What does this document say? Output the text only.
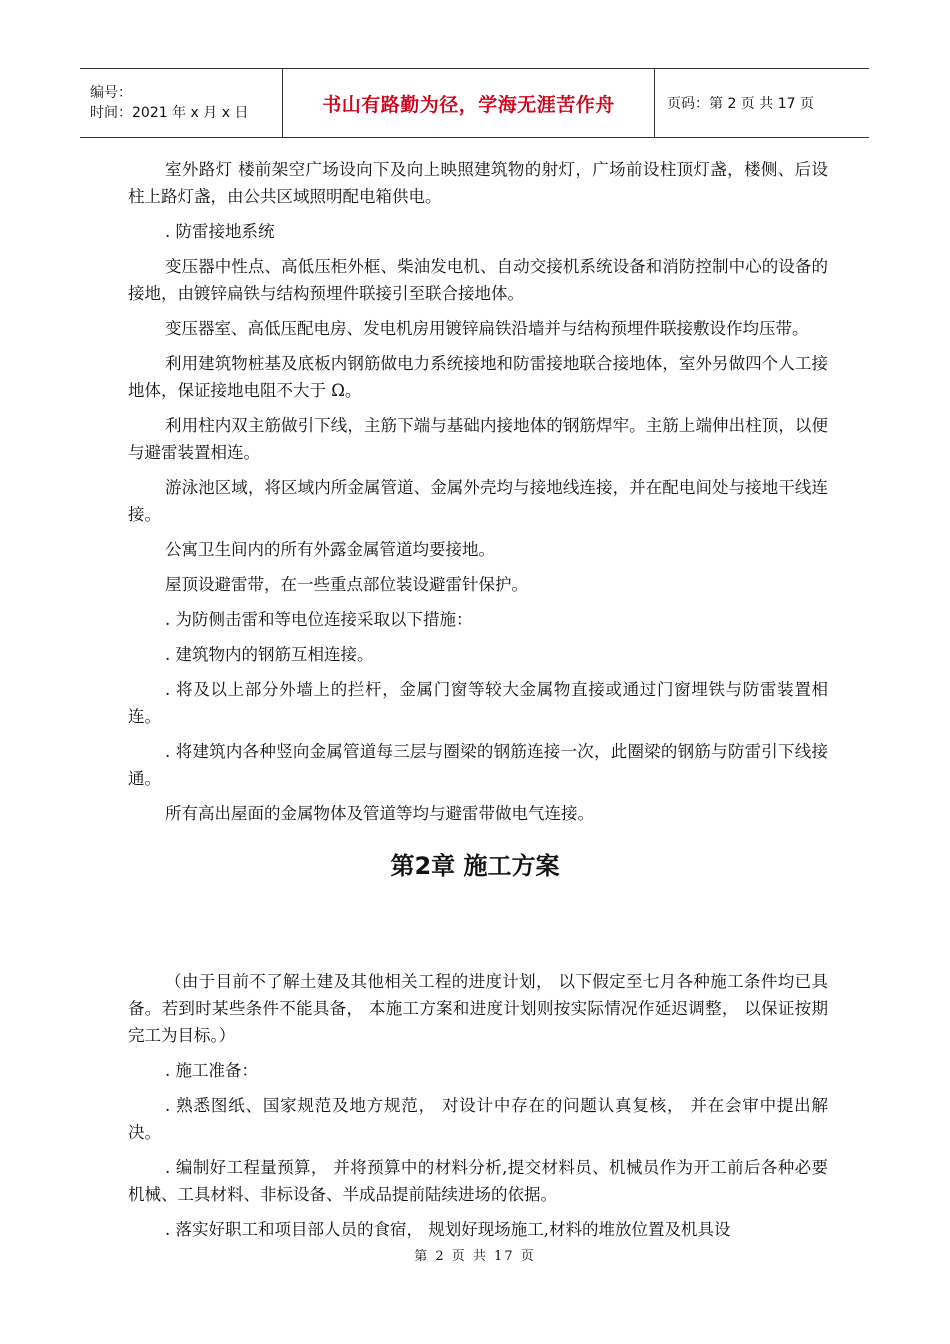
编号：
时间：2021 年 x 月 x 日	书山有路勤为径，学海无涯苦作舟	页码：第 2 页 共 17 页

室外路灯 楼前架空广场设向下及向上映照建筑物的射灯，广场前设柱顶灯盏，楼侧、后设柱上路灯盏，由公共区域照明配电箱供电。

. 防雷接地系统

变压器中性点、高低压柜外框、柴油发电机、自动交接机系统设备和消防控制中心的设备的接地，由镀锌扁铁与结构预埋件联接引至联合接地体。

变压器室、高低压配电房、发电机房用镀锌扁铁沿墙并与结构预埋件联接敷设作均压带。

利用建筑物桩基及底板内钢筋做电力系统接地和防雷接地联合接地体，室外另做四个人工接地体，保证接地电阻不大于 Ω。

利用柱内双主筋做引下线，主筋下端与基础内接地体的钢筋焊牢。主筋上端伸出柱顶，以便与避雷装置相连。

游泳池区域，将区域内所金属管道、金属外壳均与接地线连接，并在配电间处与接地干线连接。

公寓卫生间内的所有外露金属管道均要接地。

屋顶设避雷带，在一些重点部位装设避雷针保护。

. 为防侧击雷和等电位连接采取以下措施：

. 建筑物内的钢筋互相连接。

. 将及以上部分外墙上的拦杆，金属门窗等较大金属物直接或通过门窗埋铁与防雷装置相连。

. 将建筑内各种竖向金属管道每三层与圈梁的钢筋连接一次，此圈梁的钢筋与防雷引下线接通。

所有高出屋面的金属物体及管道等均与避雷带做电气连接。

第2章 施工方案

（由于目前不了解土建及其他相关工程的进度计划， 以下假定至七月各种施工条件均已具备。若到时某些条件不能具备， 本施工方案和进度计划则按实际情况作延迟调整， 以保证按期完工为目标。）

. 施工准备：

. 熟悉图纸、国家规范及地方规范， 对设计中存在的问题认真复核， 并在会审中提出解决。

. 编制好工程量预算， 并将预算中的材料分析,提交材料员、机械员作为开工前后各种必要机械、工具材料、非标设备、半成品提前陆续进场的依据。

. 落实好职工和项目部人员的食宿， 规划好现场施工,材料的堆放位置及机具设

第 2 页 共 17 页
